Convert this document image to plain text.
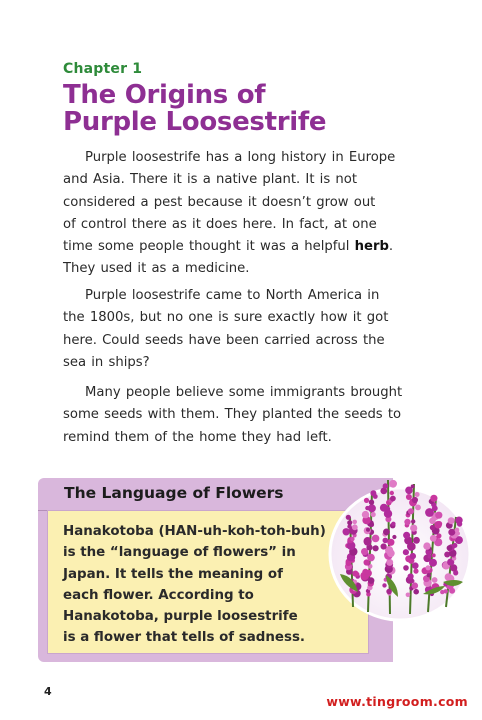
Chapter 1
The Origins of
Purple Loosestrife
Purple loosestrife has a long history in Europe
and Asia. There it is a native plant. It is not
considered a pest because it doesn’t grow out
of control there as it does here. In fact, at one
time some people thought it was a helpful herb.
They used it as a medicine.
Purple loosestrife came to North America in
the 1800s, but no one is sure exactly how it got
here. Could seeds have been carried across the
sea in ships?
Many people believe some immigrants brought
some seeds with them. They planted the seeds to
remind them of the home they had left.
The Language of Flowers
Hanakotoba (HAN-uh-koh-toh-buh)
is the “language of flowers” in
Japan. It tells the meaning of
each flower. According to
Hanakotoba, purple loosestrife
is a flower that tells of sadness.
4
www.tingroom.com
